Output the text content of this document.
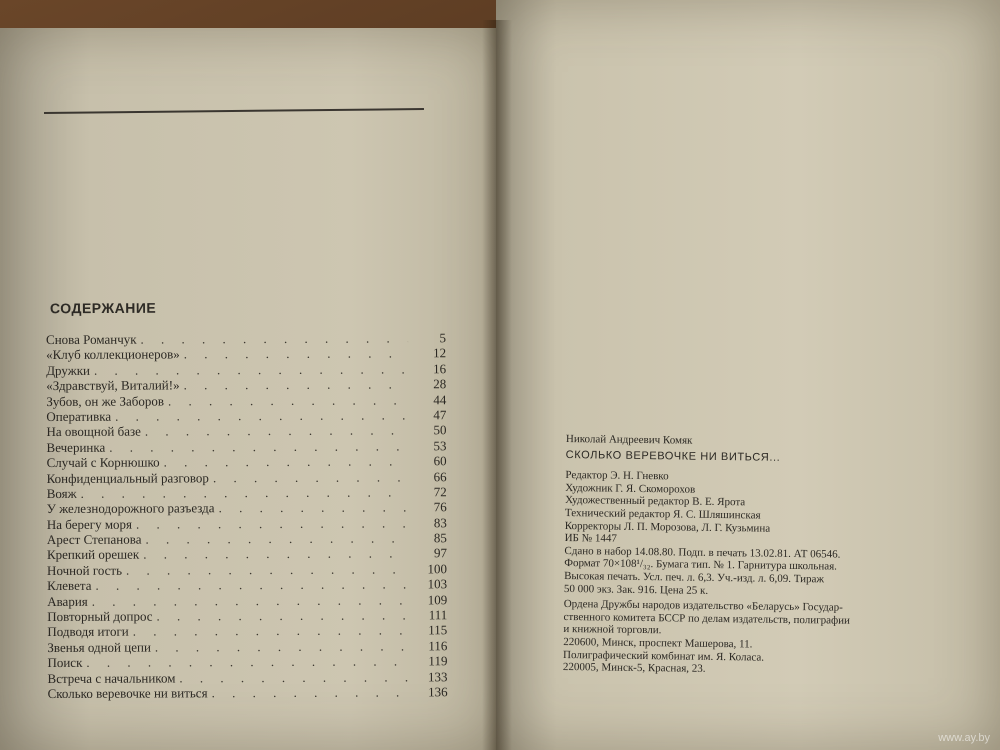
СОДЕРЖАНИЕ
Снова Романчук . . .	5
«Клуб коллекционеров» . . .	12
Дружки . . .	16
«Здравствуй, Виталий!» . . .	28
Зубов, он же Заборов . . .	44
Оперативка . . .	47
На овощной базе . . .	50
Вечеринка . . .	53
Случай с Корнюшко . . .	60
Конфиденциальный разговор . . .	66
Вояж . . .	72
У железнодорожного разъезда . . .	76
На берегу моря . . .	83
Арест Степанова . . .	85
Крепкий орешек . . .	97
Ночной гость . . .	100
Клевета . . .	103
Авария . . .	109
Повторный допрос . . .	111
Подводя итоги . . .	115
Звенья одной цепи . . .	116
Поиск . . .	119
Встреча с начальником . . .	133
Сколько веревочке ни виться . . .	136
Николай Андреевич Комяк
СКОЛЬКО ВЕРЕВОЧКЕ НИ ВИТЬСЯ...
Редактор Э. Н. Гневко
Художник Г. Я. Скоморохов
Художественный редактор В. Е. Ярота
Технический редактор Я. С. Шляшинская
Корректоры Л. П. Морозова, Л. Г. Кузьмина
ИБ № 1447
Сдано в набор 14.08.80. Подп. в печать 13.02.81. АТ 06546.
Формат 70×108¹/₃₂. Бумага тип. № 1. Гарнитура школьная.
Высокая печать. Усл. печ. л. 6,3. Уч.-изд. л. 6,09. Тираж
50 000 экз. Зак. 916. Цена 25 к.
Ордена Дружбы народов издательство «Беларусь» Государ-
ственного комитета БССР по делам издательств, полиграфии
и книжной торговли.
220600, Минск, проспект Машерова, 11.
Полиграфический комбинат им. Я. Коласа.
220005, Минск-5, Красная, 23.
www.ay.by
